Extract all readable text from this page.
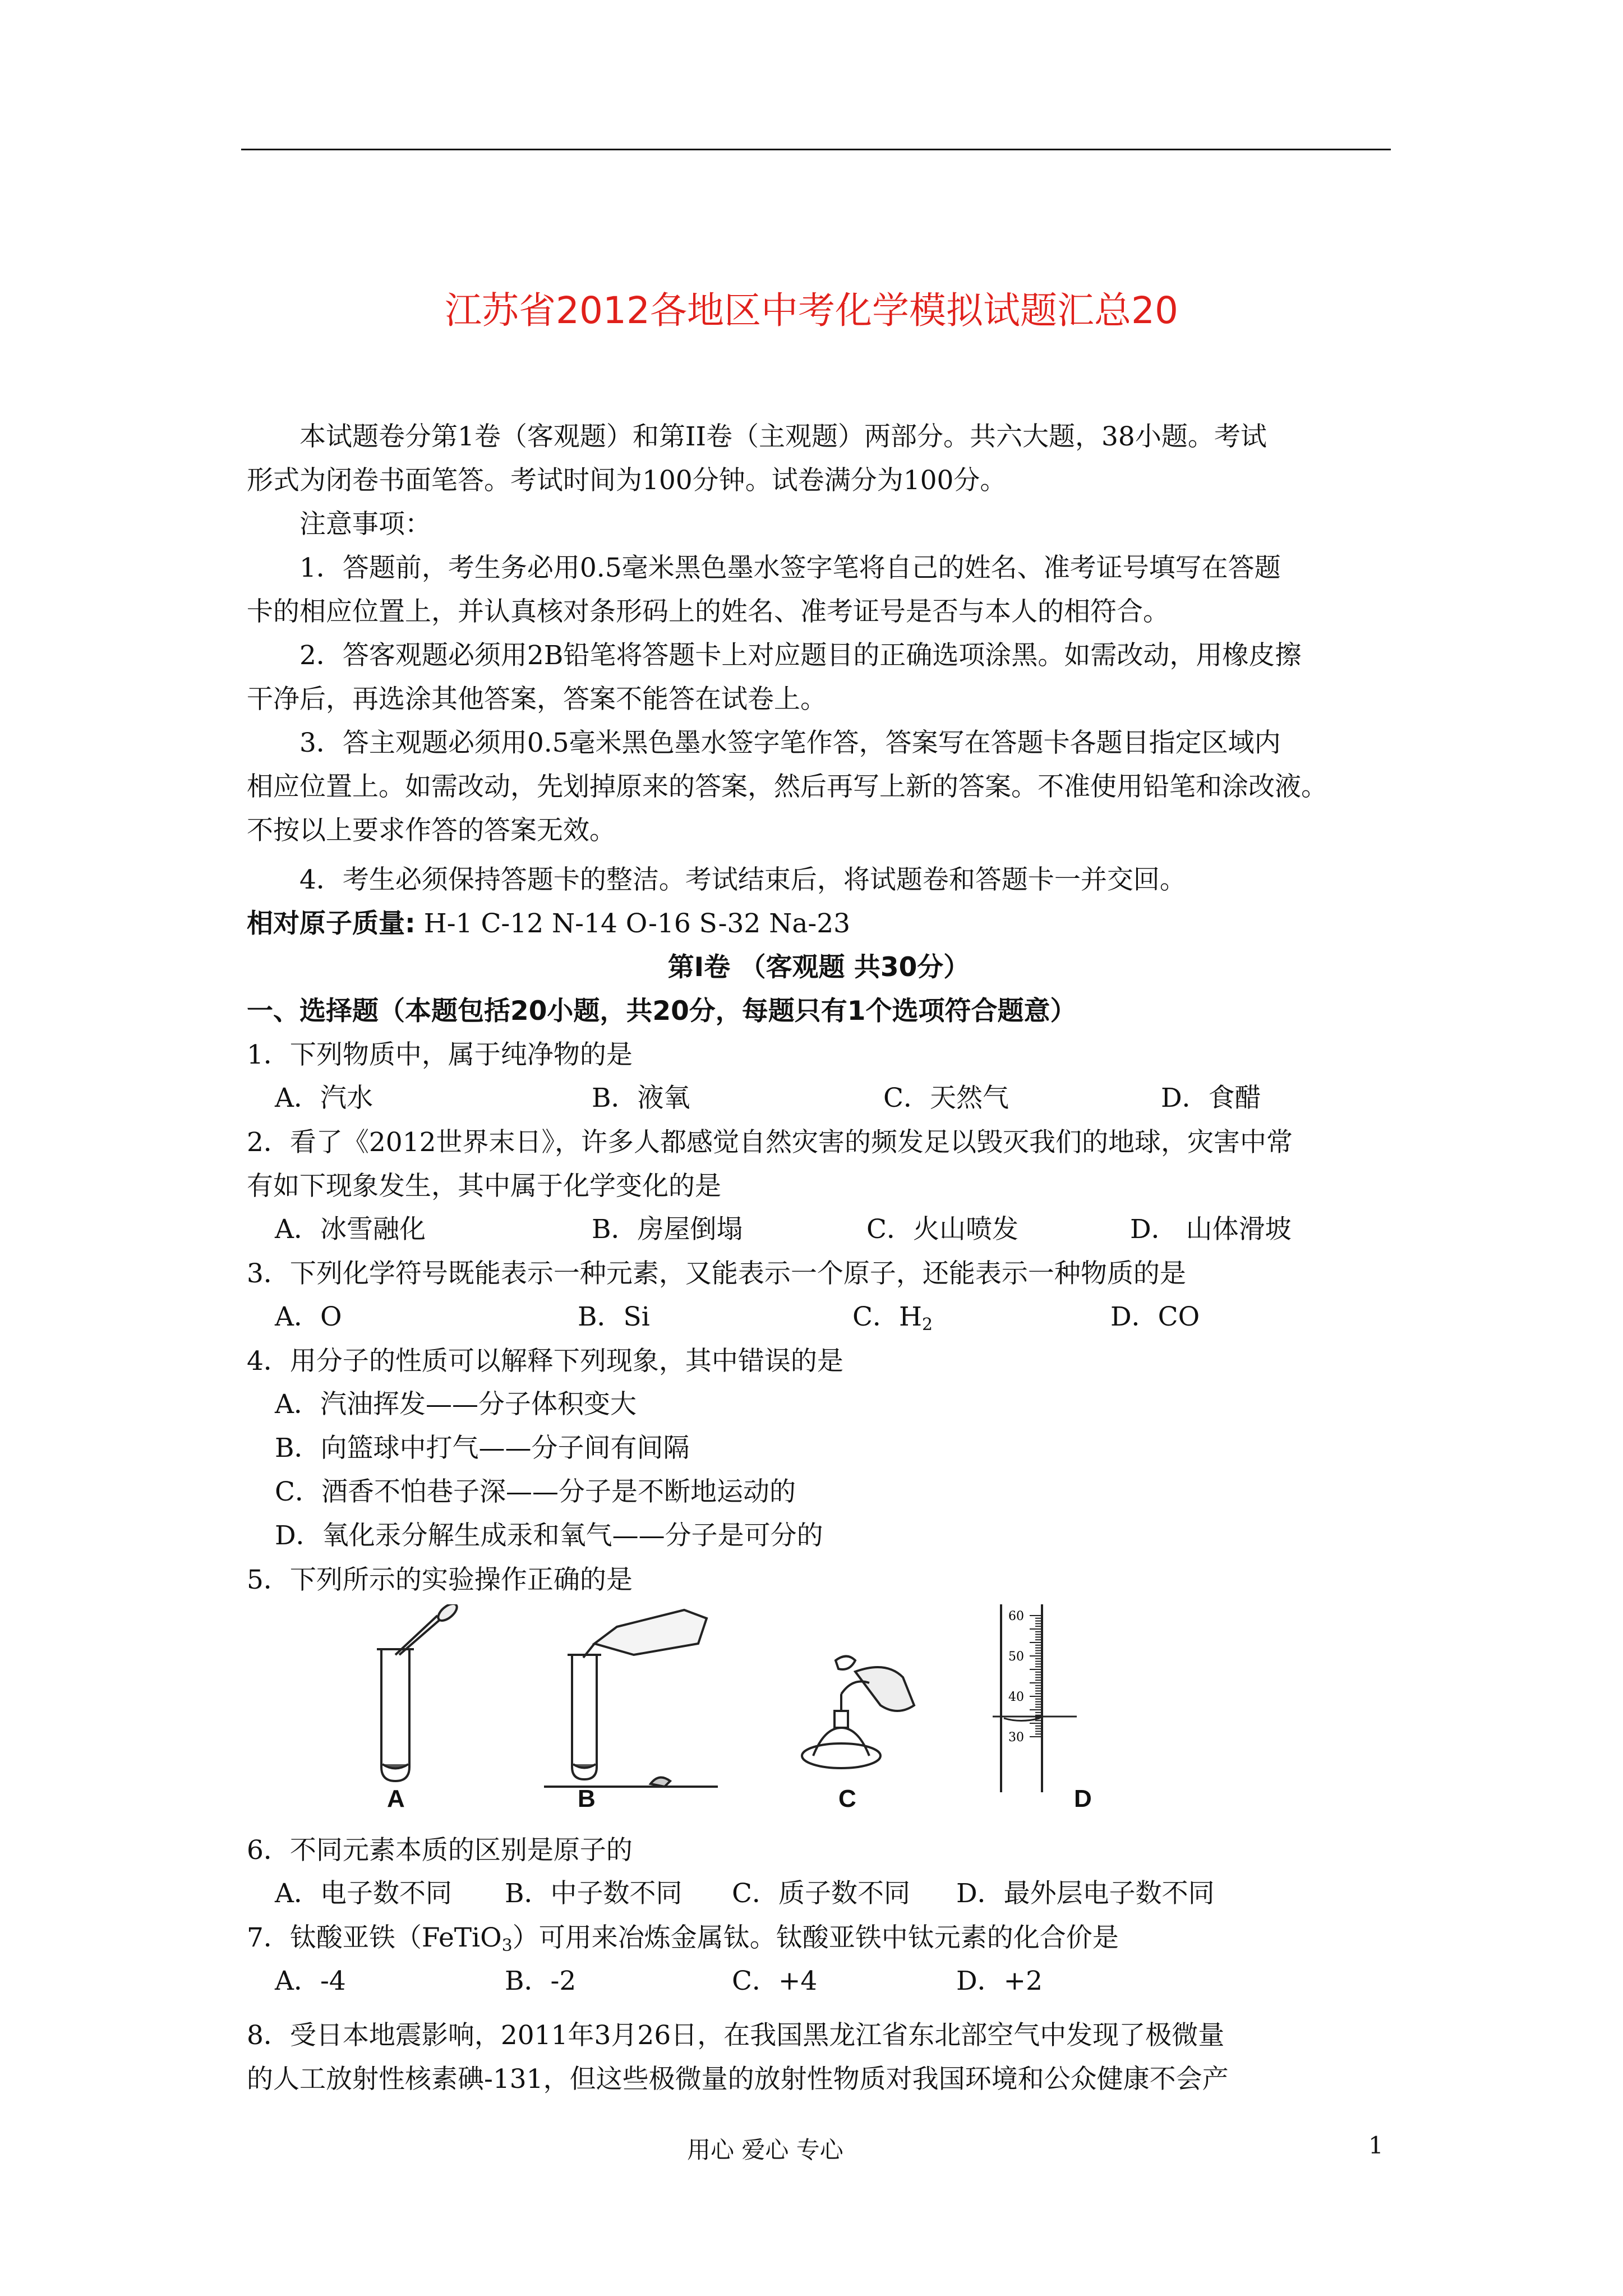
江苏省2012各地区中考化学模拟试题汇总20
本试题卷分第1卷（客观题）和第II卷（主观题）两部分。共六大题，38小题。考试
形式为闭卷书面笔答。考试时间为100分钟。试卷满分为100分。
注意事项：
1．答题前，考生务必用0.5毫米黑色墨水签字笔将自己的姓名、准考证号填写在答题
卡的相应位置上，并认真核对条形码上的姓名、准考证号是否与本人的相符合。
2．答客观题必须用2B铅笔将答题卡上对应题目的正确选项涂黑。如需改动，用橡皮擦
干净后，再选涂其他答案，答案不能答在试卷上。
3．答主观题必须用0.5毫米黑色墨水签字笔作答，答案写在答题卡各题目指定区域内
相应位置上。如需改动，先划掉原来的答案，然后再写上新的答案。不准使用铅笔和涂改液。
不按以上要求作答的答案无效。
4．考生必须保持答题卡的整洁。考试结束后，将试题卷和答题卡一并交回。
相对原子质量: H-1 C-12 N-14 O-16 S-32 Na-23
第Ⅰ卷 （客观题 共30分）
一、选择题（本题包括20小题，共20分，每题只有1个选项符合题意）
1．下列物质中，属于纯净物的是
A．汽水	B．液氧	C．天然气	D．食醋
2．看了《2012世界末日》，许多人都感觉自然灾害的频发足以毁灭我们的地球，灾害中常
有如下现象发生，其中属于化学变化的是
A．冰雪融化	B．房屋倒塌	C．火山喷发	D． 山体滑坡
3．下列化学符号既能表示一种元素，又能表示一个原子，还能表示一种物质的是
A．O	B．Si	C．$H_2$	D．CO
4．用分子的性质可以解释下列现象，其中错误的是
A．汽油挥发——分子体积变大
B．向篮球中打气——分子间有间隔
C．酒香不怕巷子深——分子是不断地运动的
D．氧化汞分解生成汞和氧气——分子是可分的
5．下列所示的实验操作正确的是
60
50
40
30
A	B	C	D
6．不同元素本质的区别是原子的
A．电子数不同 B．中子数不同 C．质子数不同 D．最外层电子数不同
7．钛酸亚铁（FeTiO$_3$）可用来冶炼金属钛。钛酸亚铁中钛元素的化合价是
A．-4	B．-2	C．+4	D．+2
8．受日本地震影响，2011年3月26日，在我国黑龙江省东北部空气中发现了极微量
的人工放射性核素碘-131，但这些极微量的放射性物质对我国环境和公众健康不会产
用心 爱心 专心	1
